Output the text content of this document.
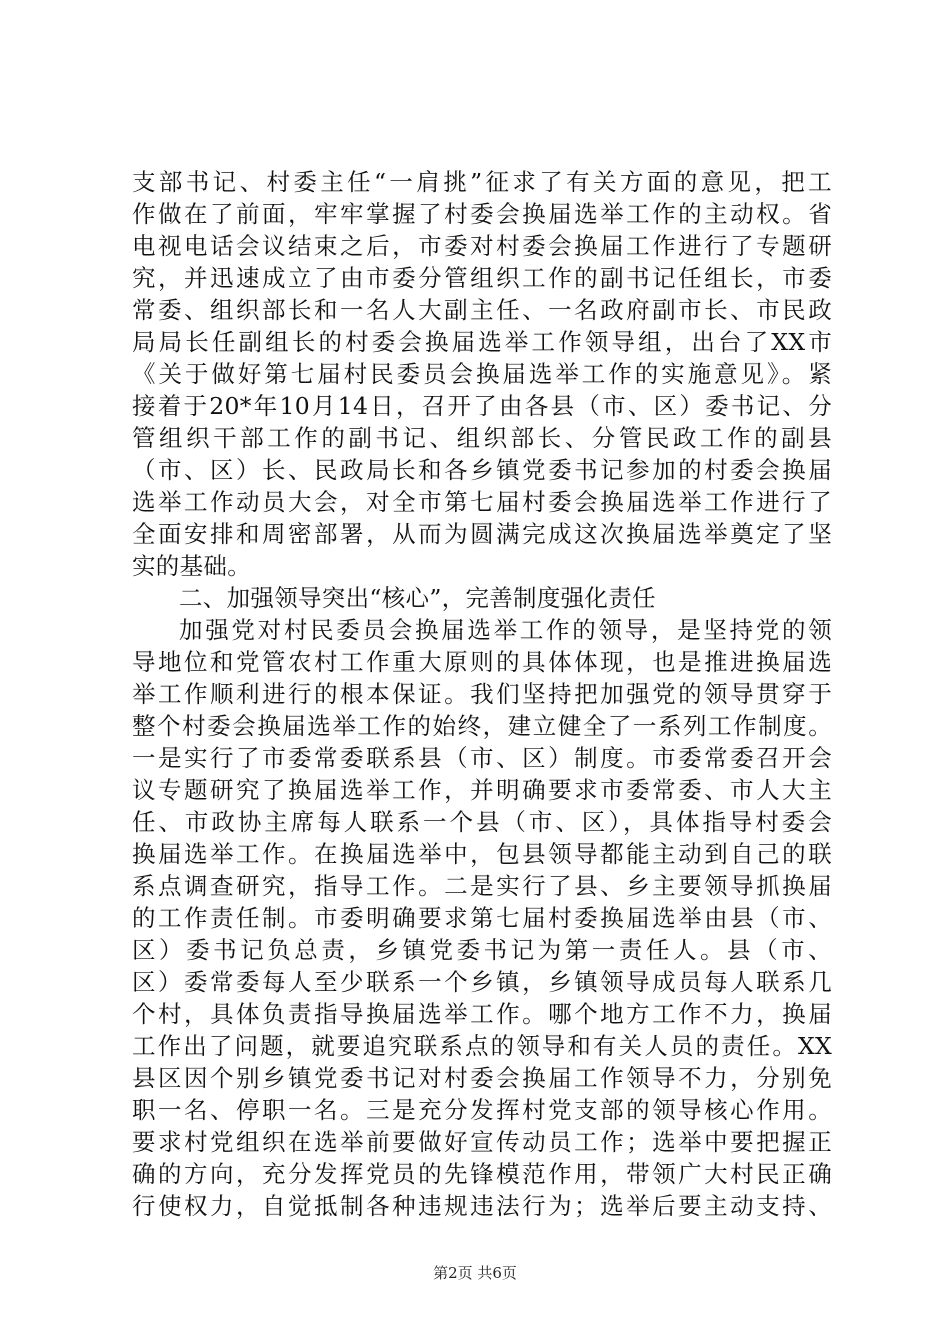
支部书记、村委主任“一肩挑”征求了有关方面的意见，把工
作做在了前面，牢牢掌握了村委会换届选举工作的主动权。省
电视电话会议结束之后，市委对村委会换届工作进行了专题研
究，并迅速成立了由市委分管组织工作的副书记任组长，市委
常委、组织部长和一名人大副主任、一名政府副市长、市民政
局局长任副组长的村委会换届选举工作领导组，出台了XX市
《关于做好第七届村民委员会换届选举工作的实施意见》。紧
接着于20*年10月14日，召开了由各县（市、区）委书记、分
管组织干部工作的副书记、组织部长、分管民政工作的副县
（市、区）长、民政局长和各乡镇党委书记参加的村委会换届
选举工作动员大会，对全市第七届村委会换届选举工作进行了
全面安排和周密部署，从而为圆满完成这次换届选举奠定了坚
实的基础。
二、加强领导突出“核心”，完善制度强化责任
加强党对村民委员会换届选举工作的领导，是坚持党的领
导地位和党管农村工作重大原则的具体体现，也是推进换届选
举工作顺利进行的根本保证。我们坚持把加强党的领导贯穿于
整个村委会换届选举工作的始终，建立健全了一系列工作制度。
一是实行了市委常委联系县（市、区）制度。市委常委召开会
议专题研究了换届选举工作，并明确要求市委常委、市人大主
任、市政协主席每人联系一个县（市、区），具体指导村委会
换届选举工作。在换届选举中，包县领导都能主动到自己的联
系点调查研究，指导工作。二是实行了县、乡主要领导抓换届
的工作责任制。市委明确要求第七届村委换届选举由县（市、
区）委书记负总责，乡镇党委书记为第一责任人。县（市、
区）委常委每人至少联系一个乡镇，乡镇领导成员每人联系几
个村，具体负责指导换届选举工作。哪个地方工作不力，换届
工作出了问题，就要追究联系点的领导和有关人员的责任。XX
县区因个别乡镇党委书记对村委会换届工作领导不力，分别免
职一名、停职一名。三是充分发挥村党支部的领导核心作用。
要求村党组织在选举前要做好宣传动员工作；选举中要把握正
确的方向，充分发挥党员的先锋模范作用，带领广大村民正确
行使权力，自觉抵制各种违规违法行为；选举后要主动支持、
第2页 共6页
